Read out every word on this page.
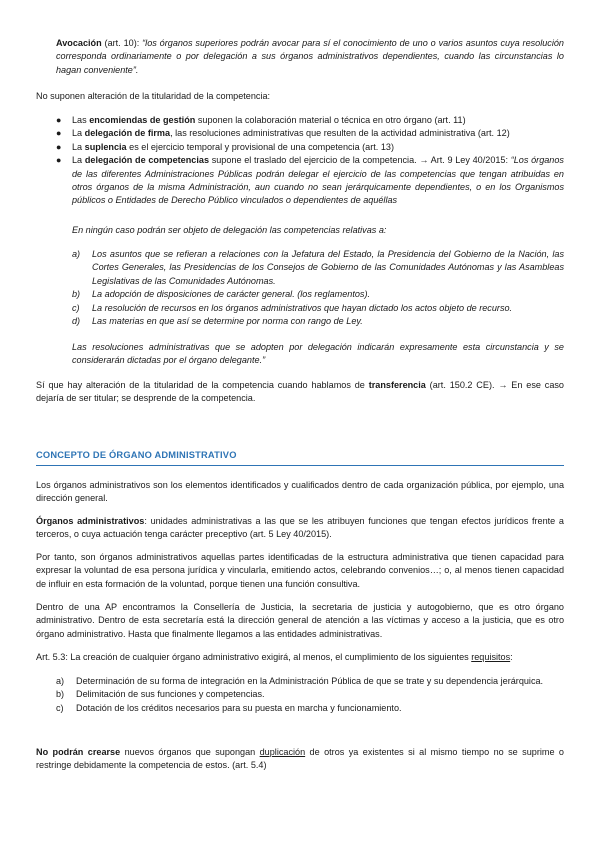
Avocación (art. 10): “los órganos superiores podrán avocar para sí el conocimiento de uno o varios asuntos cuya resolución corresponda ordinariamente o por delegación a sus órganos administrativos dependientes, cuando las circunstancias lo hagan conveniente”.

No suponen alteración de la titularidad de la competencia:

● Las encomiendas de gestión suponen la colaboración material o técnica en otro órgano (art. 11)
● La delegación de firma, las resoluciones administrativas que resulten de la actividad administrativa (art. 12)
● La suplencia es el ejercicio temporal y provisional de una competencia (art. 13)
● La delegación de competencias supone el traslado del ejercicio de la competencia. → Art. 9 Ley 40/2015: “Los órganos de las diferentes Administraciones Públicas podrán delegar el ejercicio de las competencias que tengan atribuidas en otros órganos de la misma Administración, aun cuando no sean jerárquicamente dependientes, o en los Organismos públicos o Entidades de Derecho Público vinculados o dependientes de aquéllas

En ningún caso podrán ser objeto de delegación las competencias relativas a:

a) Los asuntos que se refieran a relaciones con la Jefatura del Estado, la Presidencia del Gobierno de la Nación, las Cortes Generales, las Presidencias de los Consejos de Gobierno de las Comunidades Autónomas y las Asambleas Legislativas de las Comunidades Autónomas.
b) La adopción de disposiciones de carácter general. (los reglamentos).
c) La resolución de recursos en los órganos administrativos que hayan dictado los actos objeto de recurso.
d) Las materias en que así se determine por norma con rango de Ley.

Las resoluciones administrativas que se adopten por delegación indicarán expresamente esta circunstancia y se considerarán dictadas por el órgano delegante.”

Sí que hay alteración de la titularidad de la competencia cuando hablamos de transferencia (art. 150.2 CE). → En ese caso dejaría de ser titular; se desprende de la competencia.

CONCEPTO DE ÓRGANO ADMINISTRATIVO

Los órganos administrativos son los elementos identificados y cualificados dentro de cada organización pública, por ejemplo, una dirección general.

Órganos administrativos: unidades administrativas a las que se les atribuyen funciones que tengan efectos jurídicos frente a terceros, o cuya actuación tenga carácter preceptivo (art. 5 Ley 40/2015).

Por tanto, son órganos administrativos aquellas partes identificadas de la estructura administrativa que tienen capacidad para expresar la voluntad de esa persona jurídica y vincularla, emitiendo actos, celebrando convenios…; o, al menos tienen capacidad de influir en esta formación de la voluntad, porque tienen una función consultiva.

Dentro de una AP encontramos la Consellería de Justicia, la secretaria de justicia y autogobierno, que es otro órgano administrativo. Dentro de esta secretaría está la dirección general de atención a las víctimas y acceso a la justicia, que es otro órgano administrativo. Hasta que finalmente llegamos a las entidades administrativas.

Art. 5.3: La creación de cualquier órgano administrativo exigirá, al menos, el cumplimiento de los siguientes requisitos:

a) Determinación de su forma de integración en la Administración Pública de que se trate y su dependencia jerárquica.
b) Delimitación de sus funciones y competencias.
c) Dotación de los créditos necesarios para su puesta en marcha y funcionamiento.

No podrán crearse nuevos órganos que supongan duplicación de otros ya existentes si al mismo tiempo no se suprime o restringe debidamente la competencia de estos. (art. 5.4)
